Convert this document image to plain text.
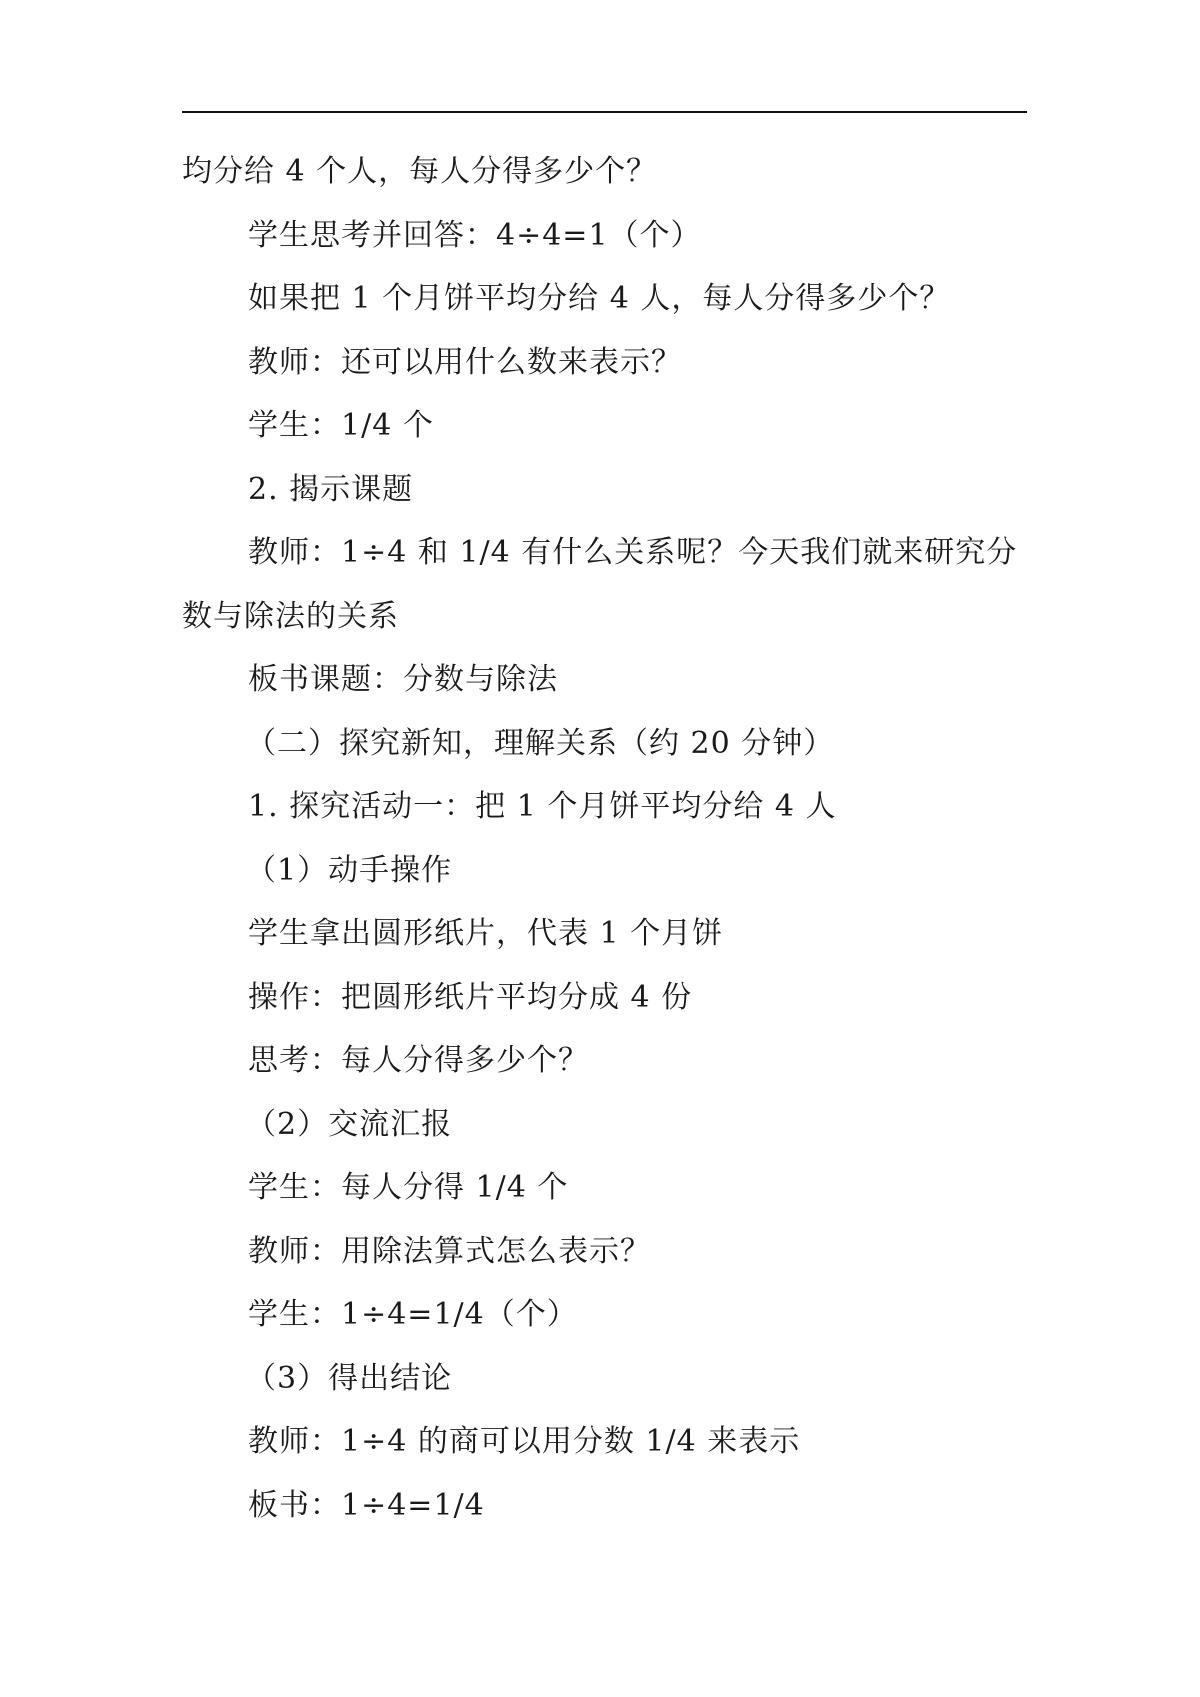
均分给 4 个人，每人分得多少个？
学生思考并回答：4÷4=1（个）
如果把 1 个月饼平均分给 4 人，每人分得多少个？
教师：还可以用什么数来表示？
学生：1/4 个
2. 揭示课题
教师：1÷4 和 1/4 有什么关系呢？今天我们就来研究分数与除法的关系
板书课题：分数与除法
（二）探究新知，理解关系（约 20 分钟）
1. 探究活动一：把 1 个月饼平均分给 4 人
（1）动手操作
学生拿出圆形纸片，代表 1 个月饼
操作：把圆形纸片平均分成 4 份
思考：每人分得多少个？
（2）交流汇报
学生：每人分得 1/4 个
教师：用除法算式怎么表示？
学生：1÷4=1/4（个）
（3）得出结论
教师：1÷4 的商可以用分数 1/4 来表示
板书：1÷4=1/4
